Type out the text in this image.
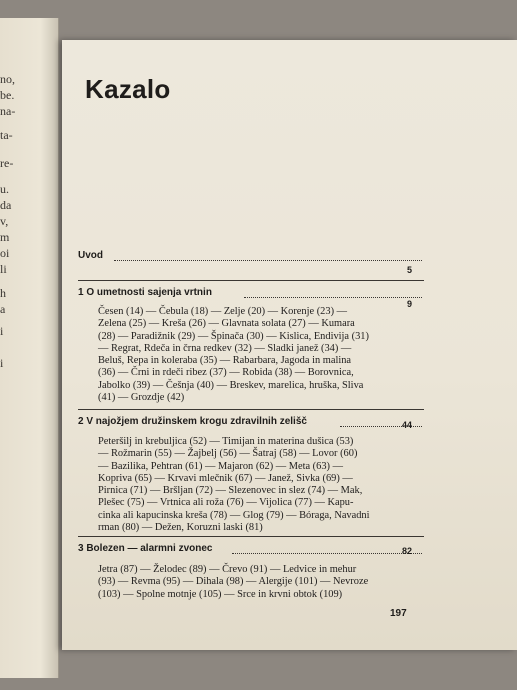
no,
be.
na-
ta-
re-
u.
da
v,
m
oi
li
h
a
i
i
Kazalo
Uvod
5
1 O umetnosti sajenja vrtnin
9

Česen (14) — Čebula (18) — Zelje (20) — Korenje (23) —

Zelena (25) — Kreša (26) — Glavnata solata (27) — Kumara

(28) — Paradižnik (29) — Špinača (30) — Kislica, Endivija (31)

— Regrat, Rdeča in črna redkev (32) — Sladki janež (34) —

Beluš, Repa in koleraba (35) — Rabarbara, Jagoda in malina

(36) — Črni in rdeči ribez (37) — Robida (38) — Borovnica,

Jabolko (39) — Češnja (40) — Breskev, marelica, hruška, Sliva

(41) — Grozdje (42)

2 V najožjem družinskem krogu zdravilnih zelišč	44

Peteršilj in krebuljica (52) — Timijan in materina dušica (53)

— Rožmarin (55) — Žajbelj (56) — Šatraj (58) — Lovor (60)

— Bazilika, Pehtran (61) — Majaron (62) — Meta (63) —

Kopriva (65) — Krvavi mlečnik (67) — Janež, Sivka (69) —

Pirnica (71) — Bršljan (72) — Slezenovec in slez (74) — Mak,

Plešec (75) — Vrtnica ali roža (76) — Vijolica (77) — Kapu-

cinka ali kapucinska kreša (78) — Glog (79) — Bóraga, Navadni

rman (80) — Dežen, Koruzni laski (81)

3 Bolezen — alarmni zvonec	82

Jetra (87) — Želodec (89) — Črevo (91) — Ledvice in mehur

(93) — Revma (95) — Dihala (98) — Alergije (101) — Nevroze

(103) — Spolne motnje (105) — Srce in krvni obtok (109)

197
